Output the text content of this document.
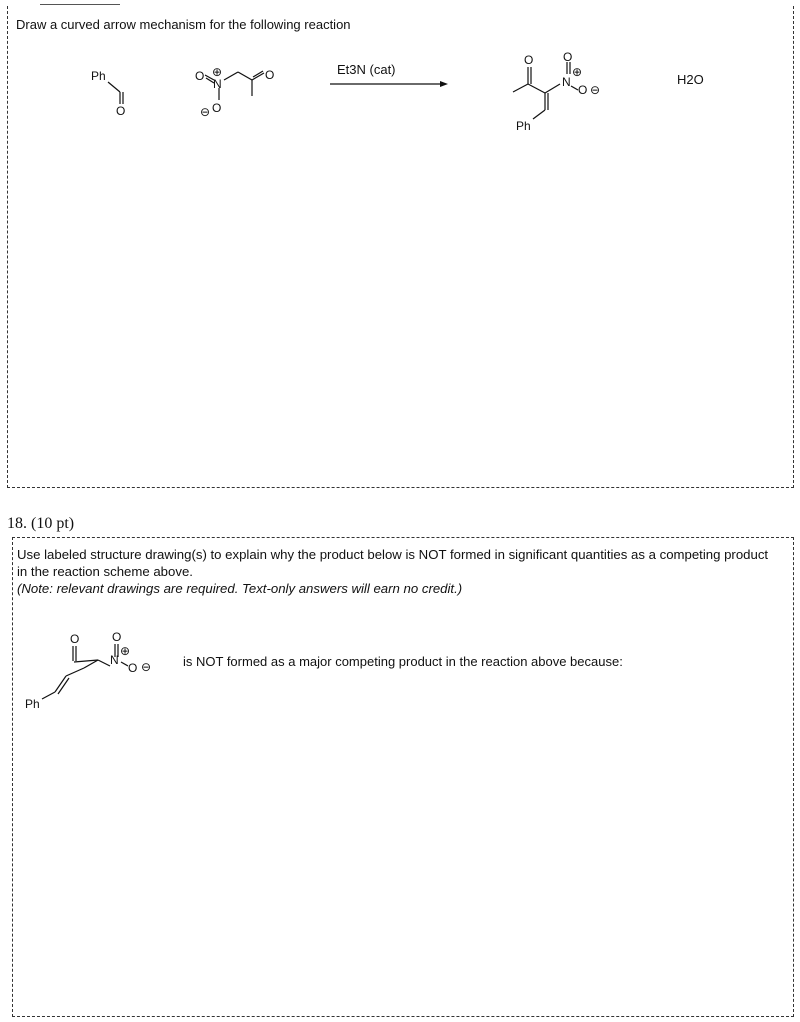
Draw a curved arrow mechanism for the following reaction
Ph
O
O
N
⊕
O
⊖
O	Et3N (cat)
O O
N
⊕
O ⊖
Ph
H2O
O	O
N
⊕
O ⊖
Ph
18. (10 pt)
Use labeled structure drawing(s) to explain why the product below is NOT formed in significant quantities as a competing product in the reaction scheme above.
(Note: relevant drawings are required. Text-only answers will earn no credit.)
is NOT formed as a major competing product in the reaction above because:
